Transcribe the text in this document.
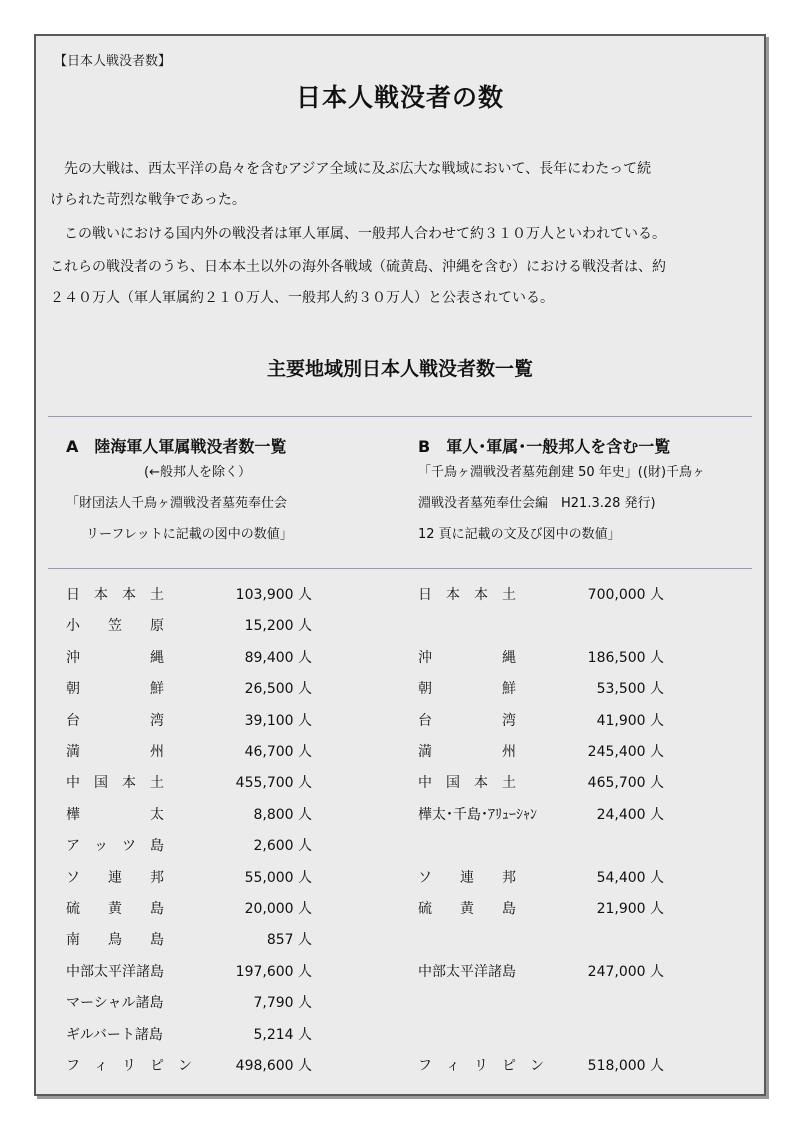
【日本人戦没者数】
日本人戦没者の数
　先の大戦は、西太平洋の島々を含むアジア全域に及ぶ広大な戦域において、長年にわたって続
けられた苛烈な戦争であった。
　この戦いにおける国内外の戦没者は軍人軍属、一般邦人合わせて約３１０万人といわれている。
これらの戦没者のうち、日本本土以外の海外各戦域（硫黄島、沖縄を含む）における戦没者は、約
２４０万人（軍人軍属約２１０万人、一般邦人約３０万人）と公表されている。
主要地域別日本人戦没者数一覧
A　陸海軍人軍属戦没者数一覧
(←般邦人を除く）
「財団法人千鳥ヶ淵戦没者墓苑奉仕会
リーフレットに記載の図中の数値」
B　軍人･軍属･一般邦人を含む一覧
「千鳥ヶ淵戦没者墓苑創建 50 年史」((財)千鳥ヶ
淵戦没者墓苑奉仕会編　H21.3.28 発行)
12 頁に記載の文及び図中の数値」
日　本　本　土	103,900 人	日　本　本　土	700,000 人
小　　笠　　原	15,200 人
沖　　　　　縄	89,400 人	沖　　　　　縄	186,500 人
朝　　　　　鮮	26,500 人	朝　　　　　鮮	53,500 人
台　　　　　湾	39,100 人	台　　　　　湾	41,900 人
満　　　　　州	46,700 人	満　　　　　州	245,400 人
中　国　本　土	455,700 人	中　国　本　土	465,700 人
樺　　　　　太	8,800 人	樺太･千島･ｱﾘｭｰｼｬﾝ	24,400 人
ア　ッ　ツ　島	2,600 人
ソ　　連　　邦	55,000 人	ソ　　連　　邦	54,400 人
硫　　黄　　島	20,000 人	硫　　黄　　島	21,900 人
南　　鳥　　島	857 人
中部太平洋諸島	197,600 人	中部太平洋諸島	247,000 人
マーシャル諸島	7,790 人
ギルバート諸島	5,214 人
フ　ィ　リ　ピ　ン	498,600 人	フ　ィ　リ　ピ　ン	518,000 人
